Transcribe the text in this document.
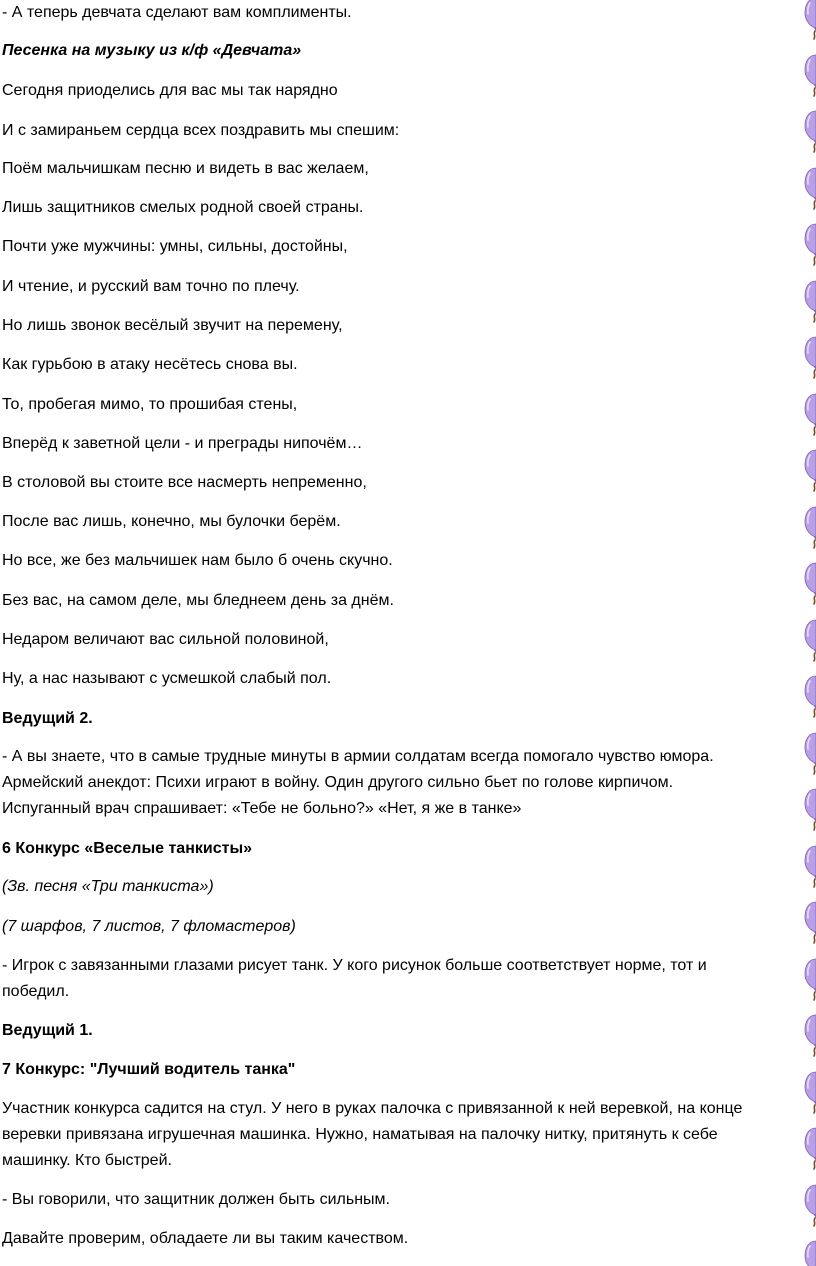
- А теперь девчата сделают вам комплименты.

Песенка на музыку из к/ф «Девчата»

Сегодня приоделись для вас мы так нарядно

И с замираньем сердца всех поздравить мы спешим:

Поём мальчишкам песню и видеть в вас желаем,

Лишь защитников смелых родной своей страны.

Почти уже мужчины: умны, сильны, достойны,

И чтение, и русский вам точно по плечу.

Но лишь звонок весёлый звучит на перемену,

Как гурьбою в атаку несётесь снова вы.

То, пробегая мимо, то прошибая стены,

Вперёд к заветной цели - и преграды нипочём…

В столовой вы стоите все насмерть непременно,

После вас лишь, конечно, мы булочки берём.

Но все, же без мальчишек нам было б очень скучно.

Без вас, на самом деле, мы бледнеем день за днём.

Недаром величают вас сильной половиной,

Ну, а нас называют с усмешкой слабый пол.

Ведущий 2.

- А вы знаете, что в самые трудные минуты в армии солдатам всегда помогало чувство юмора.

Армейский анекдот: Психи играют в войну. Один другого сильно бьет по голове кирпичом.

Испуганный врач спрашивает: «Тебе не больно?» «Нет, я же в танке»

6 Конкурс «Веселые танкисты»

(Зв. песня «Три танкиста»)

(7 шарфов, 7 листов, 7 фломастеров)

- Игрок с завязанными глазами рисует танк. У кого рисунок больше соответствует норме, тот и

победил.

Ведущий 1.

7 Конкурс: "Лучший водитель танка"

Участник конкурса садится на стул. У него в руках палочка с привязанной к ней веревкой, на конце

веревки привязана игрушечная машинка. Нужно, наматывая на палочку нитку, притянуть к себе

машинку. Кто быстрей.

- Вы говорили, что защитник должен быть сильным.

Давайте проверим, обладаете ли вы таким качеством.
